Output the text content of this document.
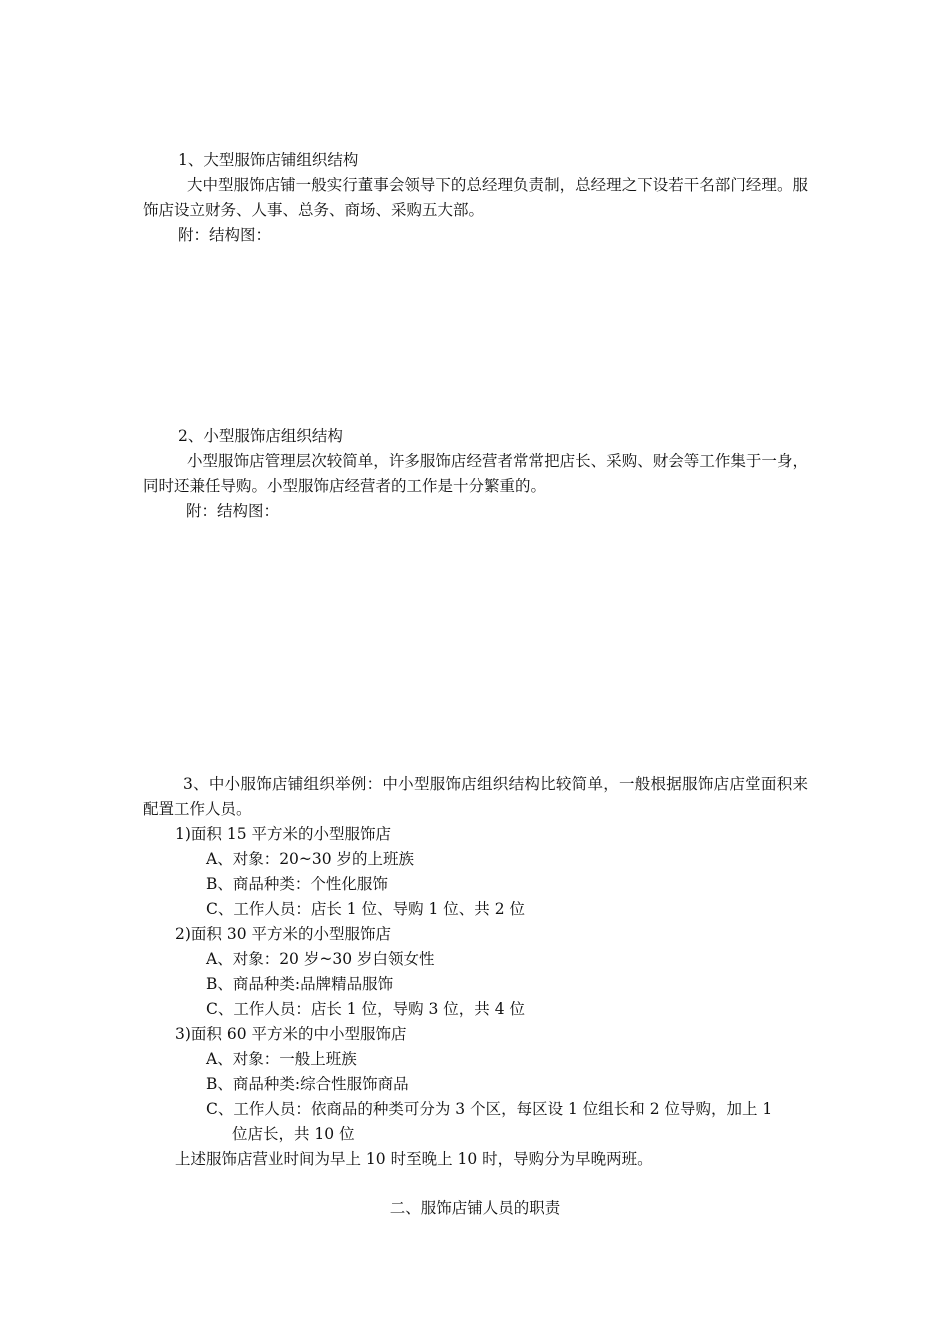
1、大型服饰店铺组织结构
大中型服饰店铺一般实行董事会领导下的总经理负责制，总经理之下设若干名部门经理。服饰店设立财务、人事、总务、商场、采购五大部。
附：结构图：
2、小型服饰店组织结构
小型服饰店管理层次较简单，许多服饰店经营者常常把店长、采购、财会等工作集于一身，同时还兼任导购。小型服饰店经营者的工作是十分繁重的。
附：结构图：
3、中小服饰店铺组织举例：中小型服饰店组织结构比较简单，一般根据服饰店店堂面积来配置工作人员。
1)面积 15 平方米的小型服饰店
A、对象：20~30 岁的上班族
B、商品种类：个性化服饰
C、工作人员：店长 1 位、导购 1 位、共 2 位
2)面积 30 平方米的小型服饰店
A、对象：20 岁~30 岁白领女性
B、商品种类:品牌精品服饰
C、工作人员：店长 1 位，导购 3 位，共 4 位
3)面积 60 平方米的中小型服饰店
A、对象：一般上班族
B、商品种类:综合性服饰商品
C、工作人员：依商品的种类可分为 3 个区，每区设 1 位组长和 2 位导购，加上 1
位店长，共 10 位
上述服饰店营业时间为早上 10 时至晚上 10 时，导购分为早晚两班。
二、服饰店铺人员的职责
